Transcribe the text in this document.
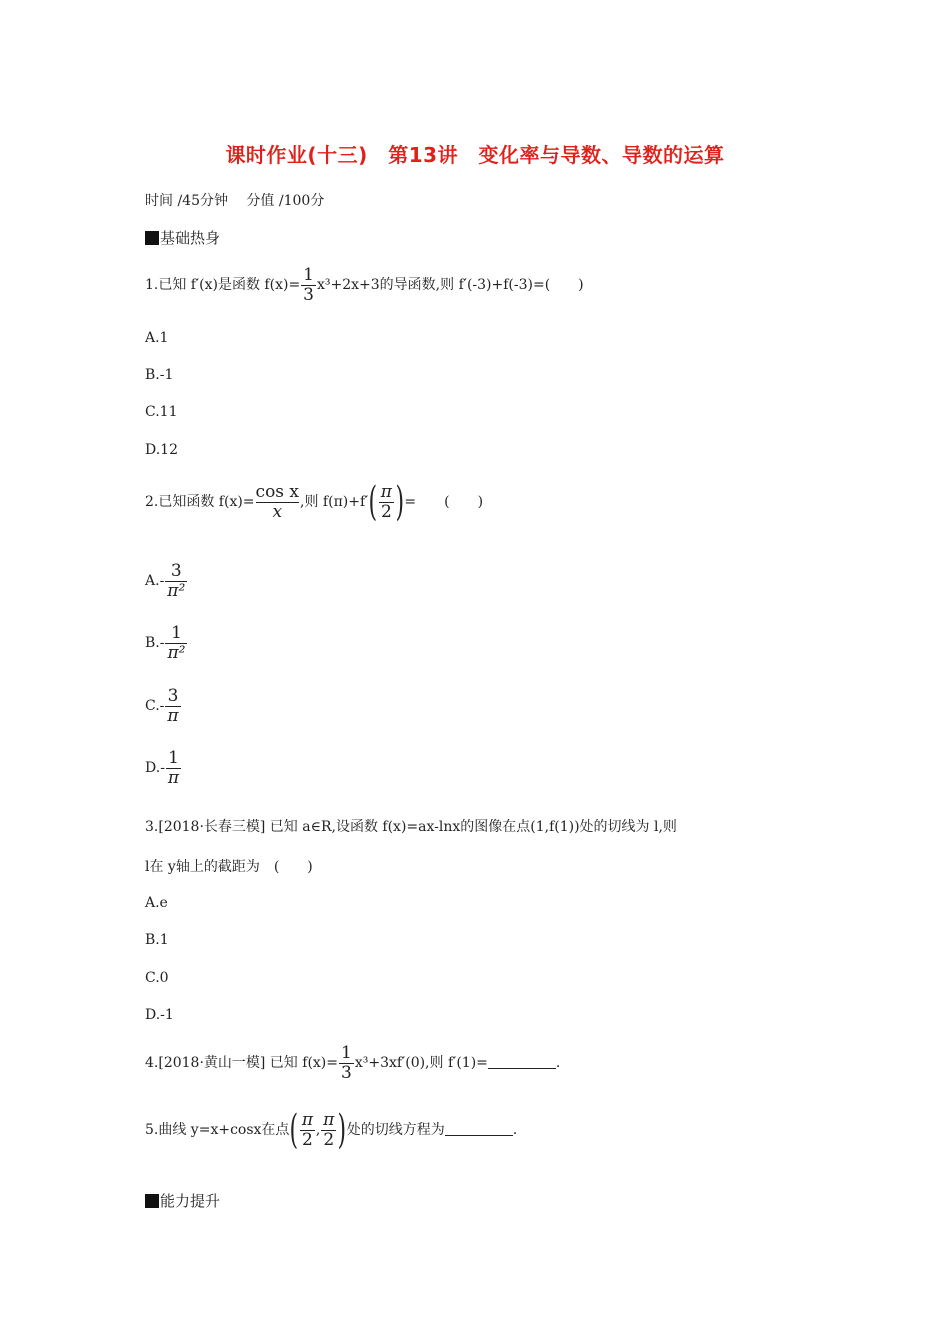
课时作业(十三)　第13讲　变化率与导数、导数的运算
时间 ∕45分钟　 分值 ∕100分
基础热身
1.已知 f′(x)是函数 $f(x)= \frac{1}{3} x^3+2x+3$的导函数,则 f′(-3)+f(-3)=(　　)
A.1
B.-1
C.11
D.12
2.已知函数 $f(x)= \frac{\text{cos x}}{x}$ ,则 $f(\pi)+f'( \frac{\pi}{2}$ )=　　(　　)
$A.- \frac{3}{\text{π²}}$
$B.- \frac{1}{\text{π²}}$
$C.- \frac{3}{\pi}$
$D.- \frac{1}{\pi}$
3.[2018·长春三模] 已知 a∈R,设函数 f(x)=ax-lnx的图像在点(1,f(1))处的切线为 l,则
l在 y轴上的截距为　(　　)
A.e
B.1
C.0
D.-1
4.[2018·黄山一模] 已知 $f(x)= \frac{1}{3} x^3+3xf'(0)$,则 f′(1)=	.
5.曲线 y=x+cosx在点( $\frac{\pi}{2}$ , $\frac{\pi}{2}$ )处的切线方程为	.
能力提升
